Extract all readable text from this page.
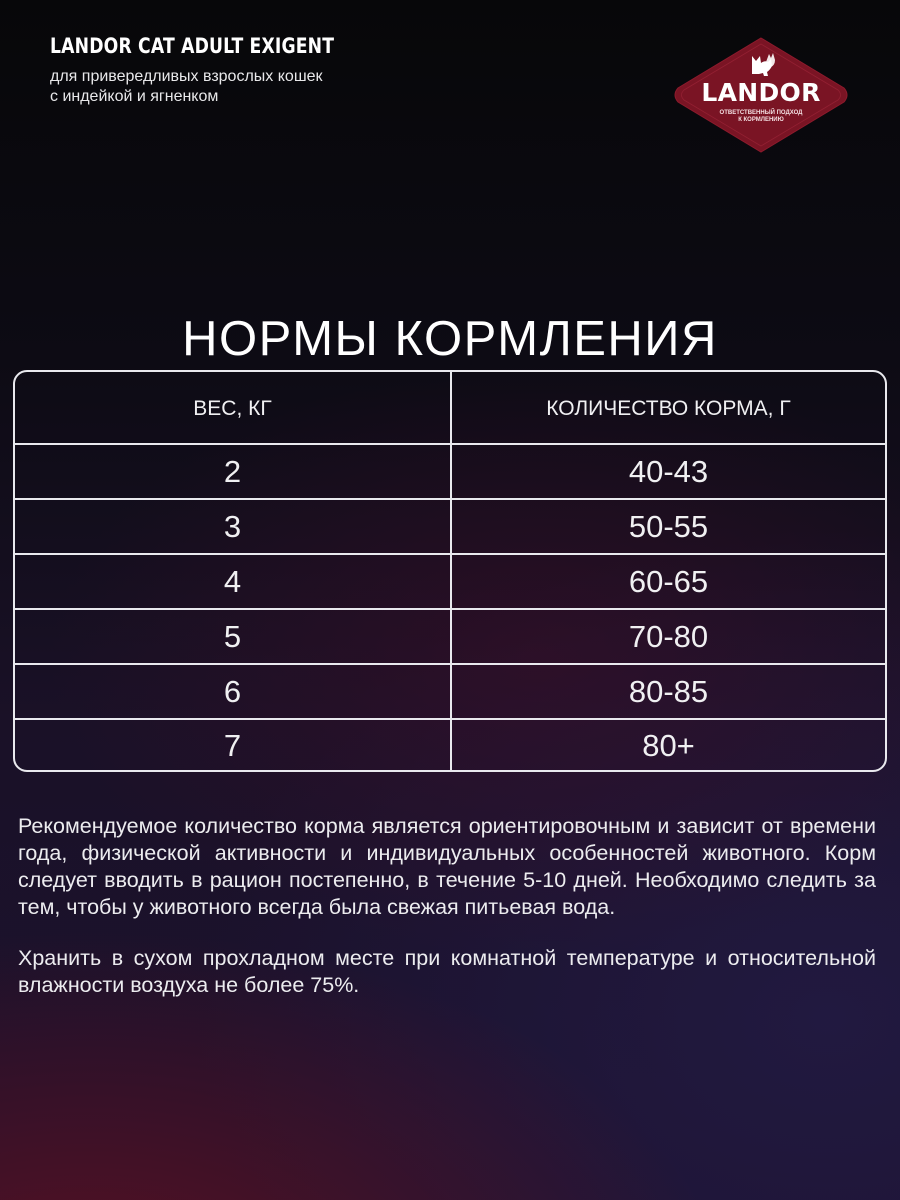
LANDOR CAT ADULT EXIGENT
для привередливых взрослых кошек
с индейкой и ягненком	LANDOR
ОТВЕТСТВЕННЫЙ ПОДХОД
К КОРМЛЕНИЮ
НОРМЫ КОРМЛЕНИЯ
ВЕС, КГ	КОЛИЧЕСТВО КОРМА, Г
2	40-43
3	50-55
4	60-65
5	70-80
6	80-85
7	80+

Рекомендуемое количество корма является ориентировочным и зависит от времени года, физической активности и индивидуальных особенностей животного. Корм следует вводить в рацион постепенно, в течение 5-10 дней. Необходимо следить за тем, чтобы у животного всегда была свежая питьевая вода.

Хранить в сухом прохладном месте при комнатной температуре и относительной влажности воздуха не более 75%.
